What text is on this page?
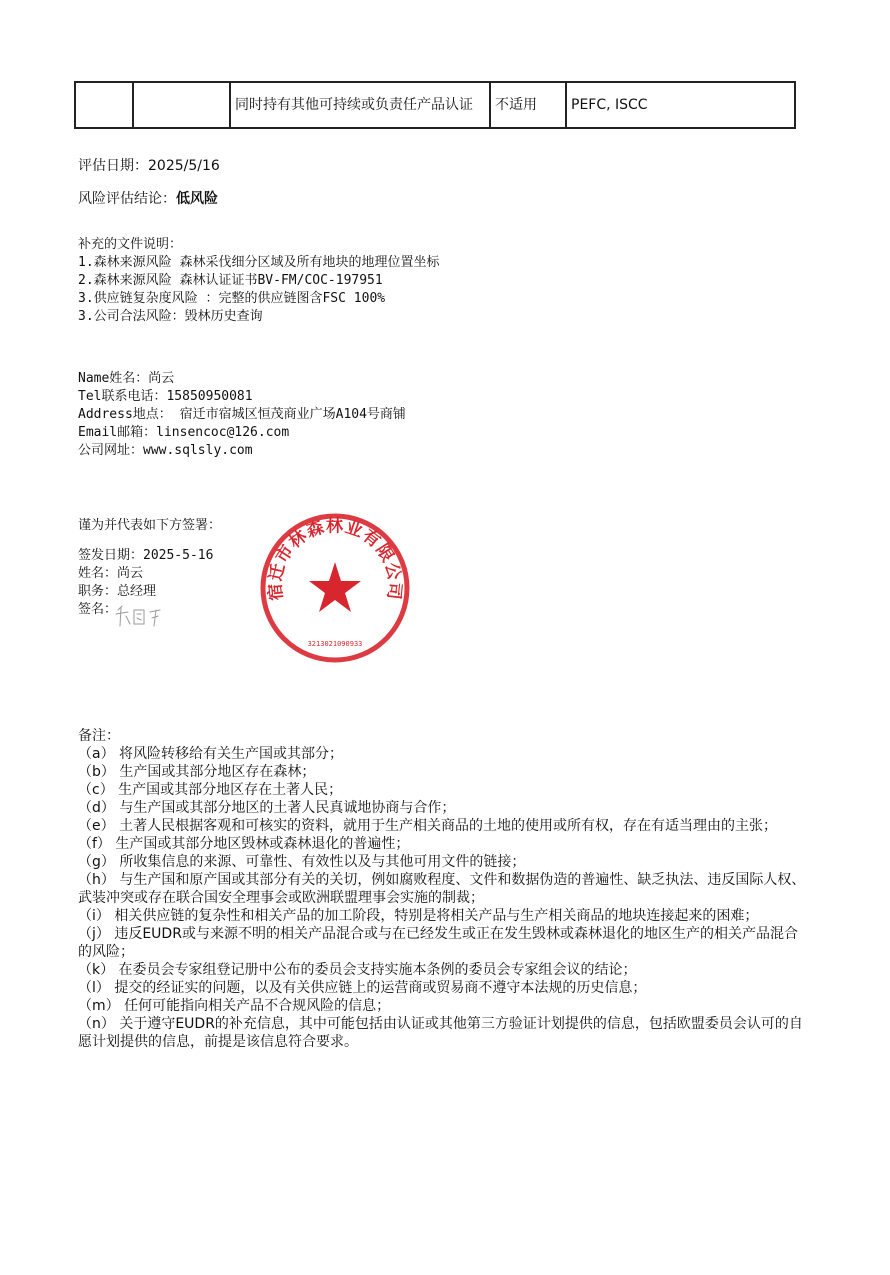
		同时持有其他可持续或负责任产品认证	不适用	PEFC, ISCC
评估日期：2025/5/16
风险评估结论：低风险
补充的文件说明：
1.森林来源风险 森林采伐细分区域及所有地块的地理位置坐标
2.森林来源风险 森林认证证书BV-FM/COC-197951
3.供应链复杂度风险 ：完整的供应链图含FSC 100%
3.公司合法风险：毁林历史查询
Name姓名：尚云
Tel联系电话：15850950081
Address地点： 宿迁市宿城区恒茂商业广场A104号商铺
Email邮箱：linsencoc@126.com
公司网址：www.sqlsly.com
谨为并代表如下方签署：
签发日期：2025-5-16
姓名：尚云
职务：总经理
签名：
宿迁市林森林业有限公司
3213021090933

备注：

（a） 将风险转移给有关生产国或其部分；

（b） 生产国或其部分地区存在森林；

（c） 生产国或其部分地区存在土著人民；

（d） 与生产国或其部分地区的土著人民真诚地协商与合作；

（e） 土著人民根据客观和可核实的资料，就用于生产相关商品的土地的使用或所有权，存在有适当理由的主张；

（f） 生产国或其部分地区毁林或森林退化的普遍性；

（g） 所收集信息的来源、可靠性、有效性以及与其他可用文件的链接；

（h） 与生产国和原产国或其部分有关的关切，例如腐败程度、文件和数据伪造的普遍性、缺乏执法、违反国际人权、武装冲突或存在联合国安全理事会或欧洲联盟理事会实施的制裁；

（i） 相关供应链的复杂性和相关产品的加工阶段，特别是将相关产品与生产相关商品的地块连接起来的困难；

（j） 违反EUDR或与来源不明的相关产品混合或与在已经发生或正在发生毁林或森林退化的地区生产的相关产品混合的风险；

（k） 在委员会专家组登记册中公布的委员会支持实施本条例的委员会专家组会议的结论；

（l） 提交的经证实的问题，以及有关供应链上的运营商或贸易商不遵守本法规的历史信息；

（m） 任何可能指向相关产品不合规风险的信息；

（n） 关于遵守EUDR的补充信息，其中可能包括由认证或其他第三方验证计划提供的信息，包括欧盟委员会认可的自愿计划提供的信息，前提是该信息符合要求。
